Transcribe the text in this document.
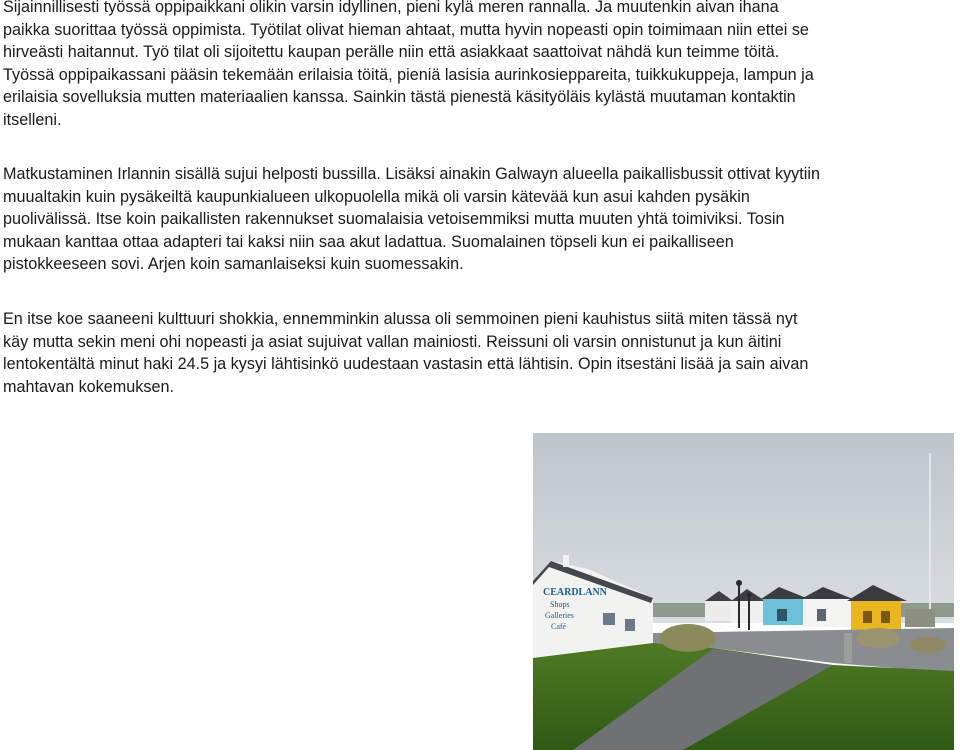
Sijainnillisesti työssä oppipaikkani olikin varsin idyllinen, pieni kylä meren rannalla. Ja muutenkin aivan ihana
paikka suorittaa työssä oppimista. Työtilat olivat hieman ahtaat, mutta hyvin nopeasti opin toimimaan niin ettei se
hirveästi haitannut. Työ tilat oli sijoitettu kaupan perälle niin että asiakkaat saattoivat nähdä kun teimme töitä.
Työssä oppipaikassani pääsin tekemään erilaisia töitä, pieniä lasisia aurinkosieppareita, tuikkukuppeja, lampun ja
erilaisia sovelluksia mutten materiaalien kanssa. Sainkin tästä pienestä käsityöläis kylästä muutaman kontaktin
itselleni.

Matkustaminen Irlannin sisällä sujui helposti bussilla. Lisäksi ainakin Galwayn alueella paikallisbussit ottivat kyytiin
muualtakin kuin pysäkeiltä kaupunkialueen ulkopuolella mikä oli varsin kätevää kun asui kahden pysäkin
puolivälissä. Itse koin paikallisten rakennukset suomalaisia vetoisemmiksi mutta muuten yhtä toimiviksi. Tosin
mukaan kanttaa ottaa adapteri tai kaksi niin saa akut ladattua. Suomalainen töpseli kun ei paikalliseen
pistokkeeseen sovi. Arjen koin samanlaiseksi kuin suomessakin.

En itse koe saaneeni kulttuuri shokkia, ennemminkin alussa oli semmoinen pieni kauhistus siitä miten tässä nyt
käy mutta sekin meni ohi nopeasti ja asiat sujuivat vallan mainiosti. Reissuni oli varsin onnistunut ja kun äitini
lentokentältä minut haki 24.5 ja kysyi lähtisinkö uudestaan vastasin että lähtisin. Opin itsestäni lisää ja sain aivan
mahtavan kokemuksen.

CEARDLANN
Shops
Galleries
Café
